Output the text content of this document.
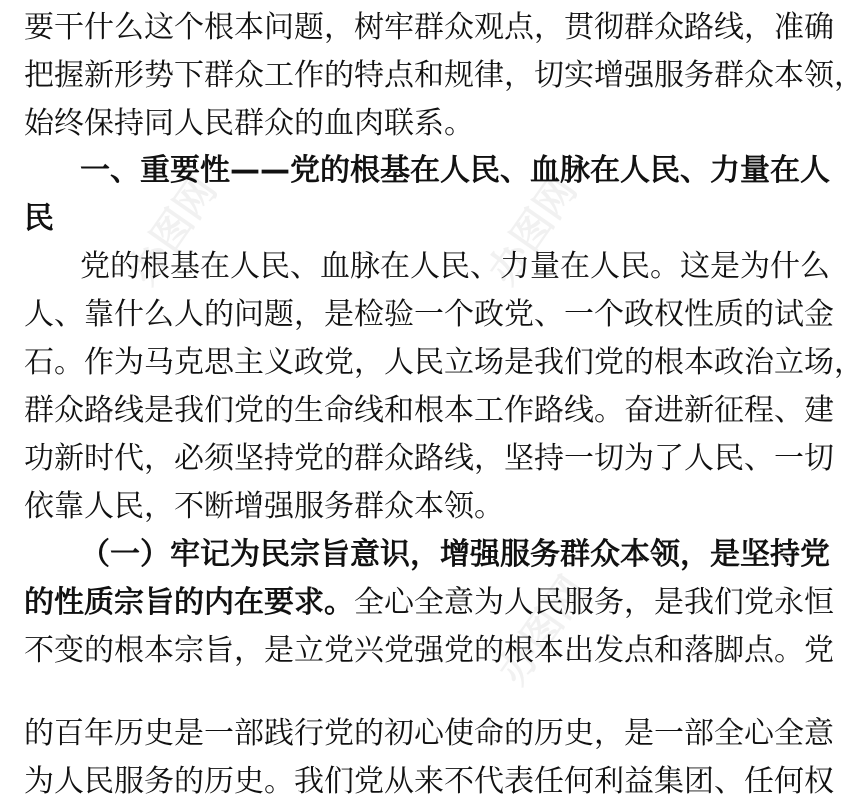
要干什么这个根本问题，树牢群众观点，贯彻群众路线，准确
把握新形势下群众工作的特点和规律，切实增强服务群众本领，
始终保持同人民群众的血肉联系。
一、重要性——党的根基在人民、血脉在人民、力量在人
民
党的根基在人民、血脉在人民、力量在人民。这是为什么
人、靠什么人的问题，是检验一个政党、一个政权性质的试金
石。作为马克思主义政党，人民立场是我们党的根本政治立场，
群众路线是我们党的生命线和根本工作路线。奋进新征程、建
功新时代，必须坚持党的群众路线，坚持一切为了人民、一切
依靠人民，不断增强服务群众本领。
（一）牢记为民宗旨意识，增强服务群众本领，是坚持党
的性质宗旨的内在要求。全心全意为人民服务，是我们党永恒
不变的根本宗旨，是立党兴党强党的根本出发点和落脚点。党
的百年历史是一部践行党的初心使命的历史，是一部全心全意
为人民服务的历史。我们党从来不代表任何利益集团、任何权
办图网	办图网
办图网
